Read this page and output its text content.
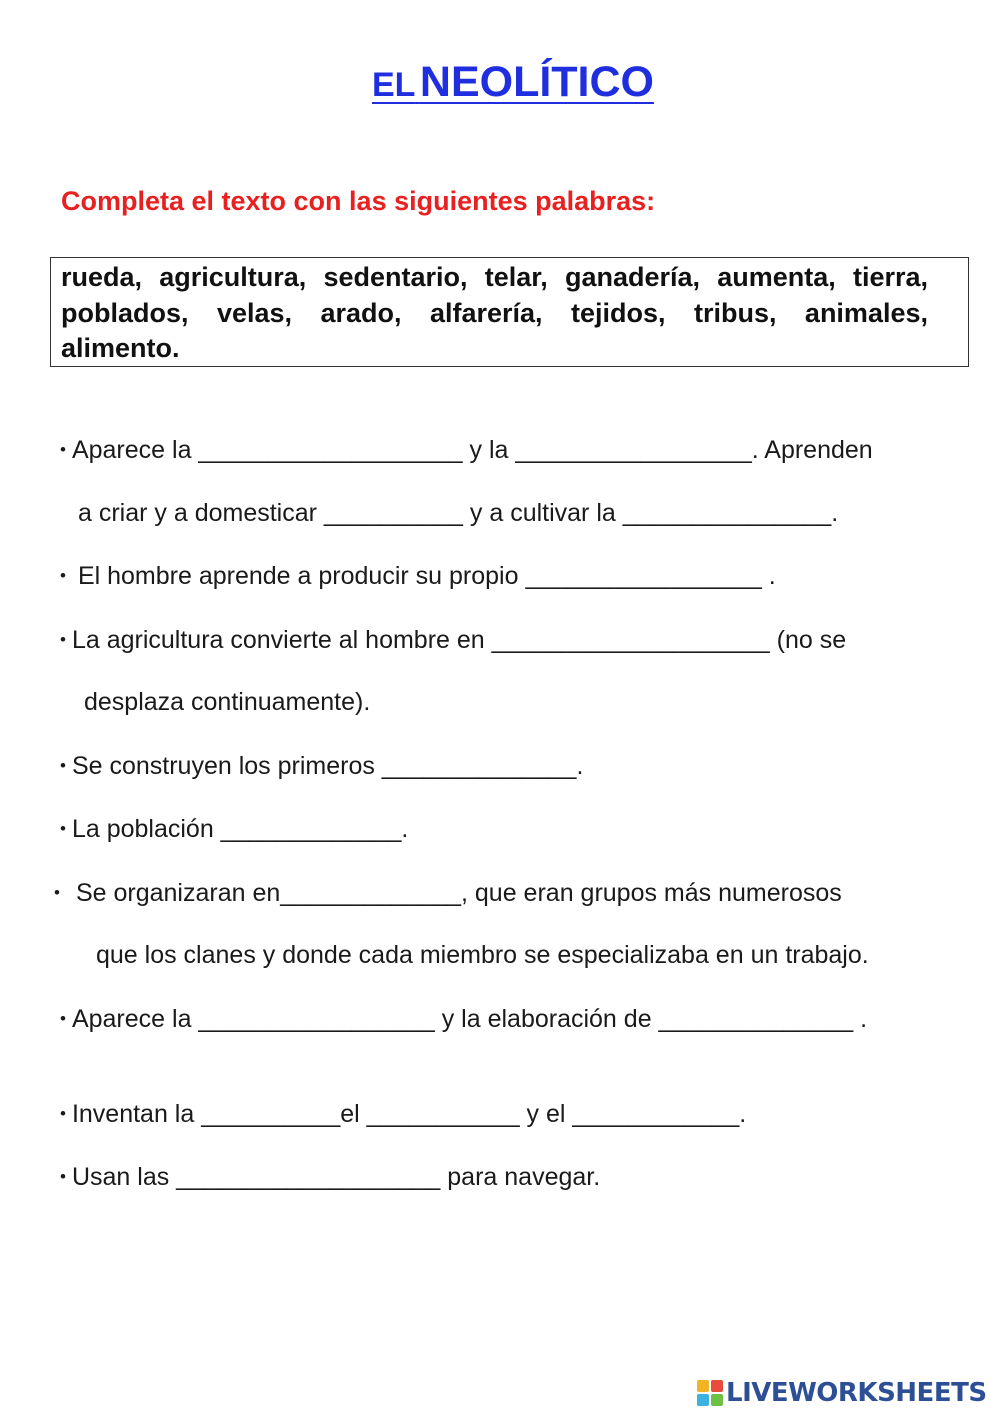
EL NEOLÍTICO
Completa el texto con las siguientes palabras:
rueda, agricultura, sedentario, telar, ganadería, aumenta, tierra, poblados, velas, arado, alfarería, tejidos, tribus, animales, alimento.
• Aparece la ___________________ y la _________________. Aprenden
a criar y a domesticar __________ y a cultivar la _______________.
• El hombre aprende a producir su propio _________________ .
• La agricultura convierte al hombre en ____________________ (no se
desplaza continuamente).
• Se construyen los primeros ______________.
• La población _____________.
• Se organizaran en_____________, que eran grupos más numerosos
que los clanes y donde cada miembro se especializaba en un trabajo.
• Aparece la _________________ y la elaboración de ______________ .
• Inventan la __________el ___________ y el ____________.
• Usan las ___________________ para navegar.
LIVEWORKSHEETS
